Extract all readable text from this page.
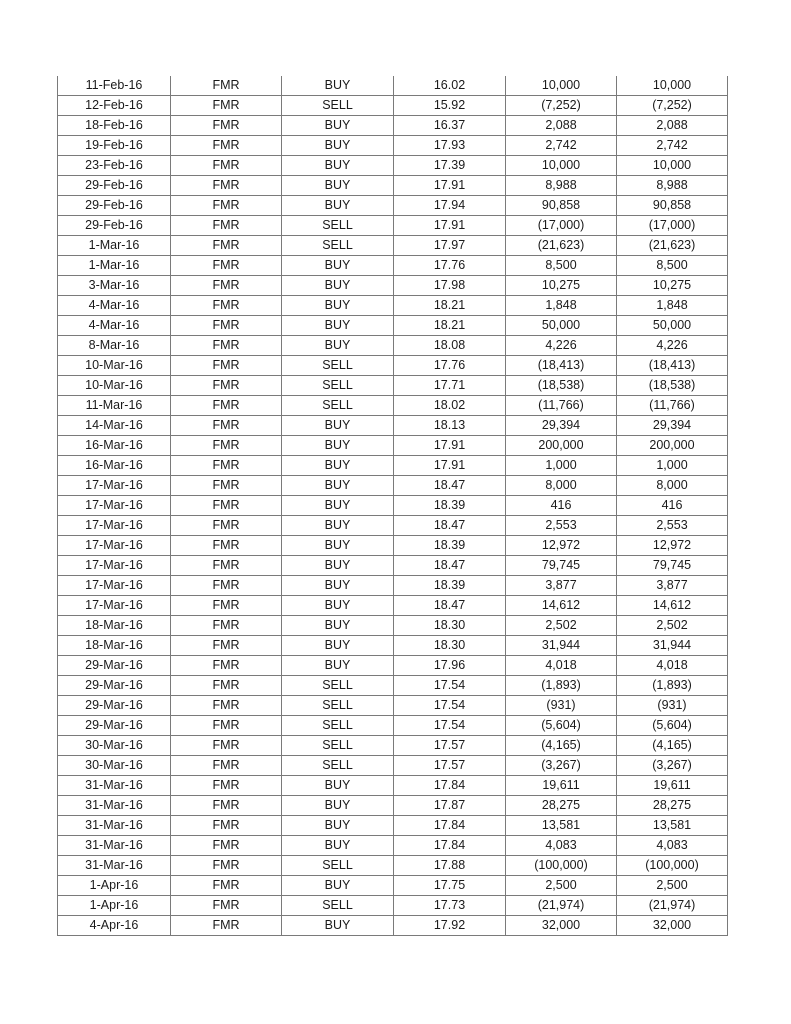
11-Feb-16	FMR	BUY	16.02	10,000	10,000
12-Feb-16	FMR	SELL	15.92	(7,252)	(7,252)
18-Feb-16	FMR	BUY	16.37	2,088	2,088
19-Feb-16	FMR	BUY	17.93	2,742	2,742
23-Feb-16	FMR	BUY	17.39	10,000	10,000
29-Feb-16	FMR	BUY	17.91	8,988	8,988
29-Feb-16	FMR	BUY	17.94	90,858	90,858
29-Feb-16	FMR	SELL	17.91	(17,000)	(17,000)
1-Mar-16	FMR	SELL	17.97	(21,623)	(21,623)
1-Mar-16	FMR	BUY	17.76	8,500	8,500
3-Mar-16	FMR	BUY	17.98	10,275	10,275
4-Mar-16	FMR	BUY	18.21	1,848	1,848
4-Mar-16	FMR	BUY	18.21	50,000	50,000
8-Mar-16	FMR	BUY	18.08	4,226	4,226
10-Mar-16	FMR	SELL	17.76	(18,413)	(18,413)
10-Mar-16	FMR	SELL	17.71	(18,538)	(18,538)
11-Mar-16	FMR	SELL	18.02	(11,766)	(11,766)
14-Mar-16	FMR	BUY	18.13	29,394	29,394
16-Mar-16	FMR	BUY	17.91	200,000	200,000
16-Mar-16	FMR	BUY	17.91	1,000	1,000
17-Mar-16	FMR	BUY	18.47	8,000	8,000
17-Mar-16	FMR	BUY	18.39	416	416
17-Mar-16	FMR	BUY	18.47	2,553	2,553
17-Mar-16	FMR	BUY	18.39	12,972	12,972
17-Mar-16	FMR	BUY	18.47	79,745	79,745
17-Mar-16	FMR	BUY	18.39	3,877	3,877
17-Mar-16	FMR	BUY	18.47	14,612	14,612
18-Mar-16	FMR	BUY	18.30	2,502	2,502
18-Mar-16	FMR	BUY	18.30	31,944	31,944
29-Mar-16	FMR	BUY	17.96	4,018	4,018
29-Mar-16	FMR	SELL	17.54	(1,893)	(1,893)
29-Mar-16	FMR	SELL	17.54	(931)	(931)
29-Mar-16	FMR	SELL	17.54	(5,604)	(5,604)
30-Mar-16	FMR	SELL	17.57	(4,165)	(4,165)
30-Mar-16	FMR	SELL	17.57	(3,267)	(3,267)
31-Mar-16	FMR	BUY	17.84	19,611	19,611
31-Mar-16	FMR	BUY	17.87	28,275	28,275
31-Mar-16	FMR	BUY	17.84	13,581	13,581
31-Mar-16	FMR	BUY	17.84	4,083	4,083
31-Mar-16	FMR	SELL	17.88	(100,000)	(100,000)
1-Apr-16	FMR	BUY	17.75	2,500	2,500
1-Apr-16	FMR	SELL	17.73	(21,974)	(21,974)
4-Apr-16	FMR	BUY	17.92	32,000	32,000
